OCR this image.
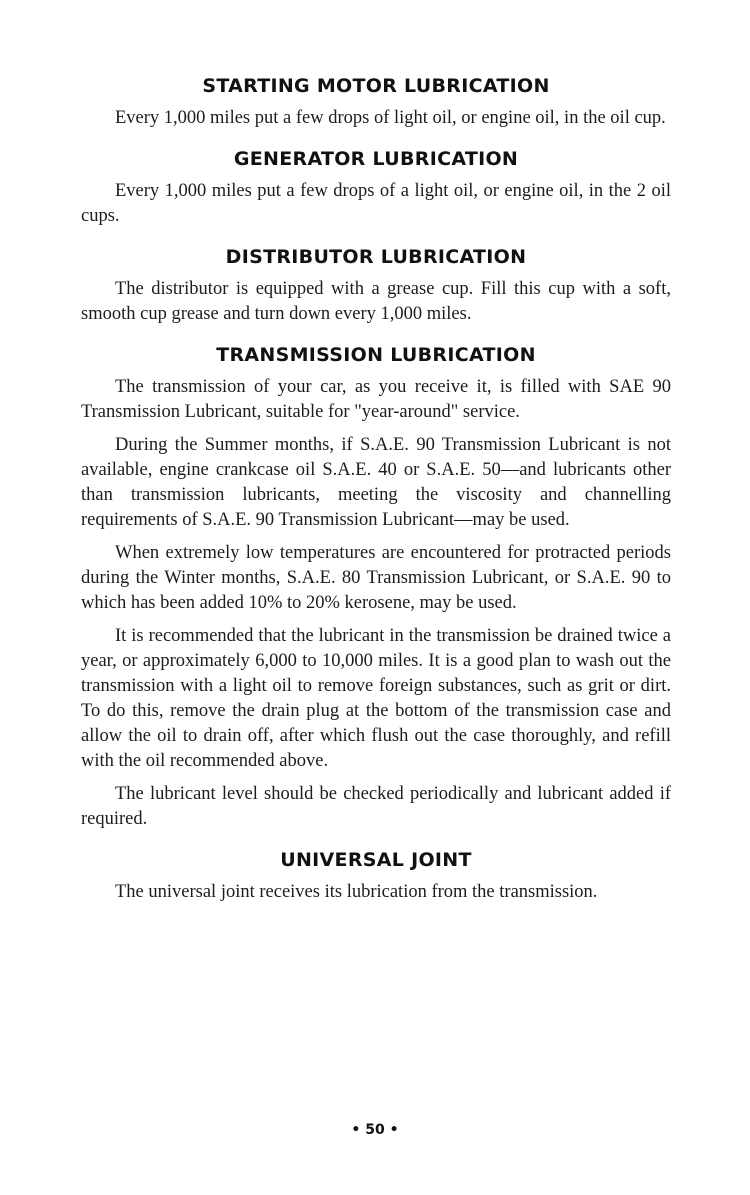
STARTING MOTOR LUBRICATION

Every 1,000 miles put a few drops of light oil, or engine oil, in the oil cup.

GENERATOR LUBRICATION

Every 1,000 miles put a few drops of a light oil, or engine oil, in the 2 oil cups.

DISTRIBUTOR LUBRICATION

The distributor is equipped with a grease cup. Fill this cup with a soft, smooth cup grease and turn down every 1,000 miles.

TRANSMISSION LUBRICATION

The transmission of your car, as you receive it, is filled with SAE 90 Transmission Lubricant, suitable for "year-around" service.

During the Summer months, if S.A.E. 90 Transmission Lubricant is not available, engine crankcase oil S.A.E. 40 or S.A.E. 50—and lubricants other than transmission lubricants, meeting the viscosity and channelling requirements of S.A.E. 90 Transmission Lubricant—may be used.

When extremely low temperatures are encountered for protracted periods during the Winter months, S.A.E. 80 Transmission Lubricant, or S.A.E. 90 to which has been added 10% to 20% kerosene, may be used.

It is recommended that the lubricant in the transmission be drained twice a year, or approximately 6,000 to 10,000 miles. It is a good plan to wash out the transmission with a light oil to remove foreign substances, such as grit or dirt. To do this, remove the drain plug at the bottom of the transmission case and allow the oil to drain off, after which flush out the case thoroughly, and refill with the oil recommended above.

The lubricant level should be checked periodically and lubricant added if required.

UNIVERSAL JOINT

The universal joint receives its lubrication from the transmission.

• 50 •
